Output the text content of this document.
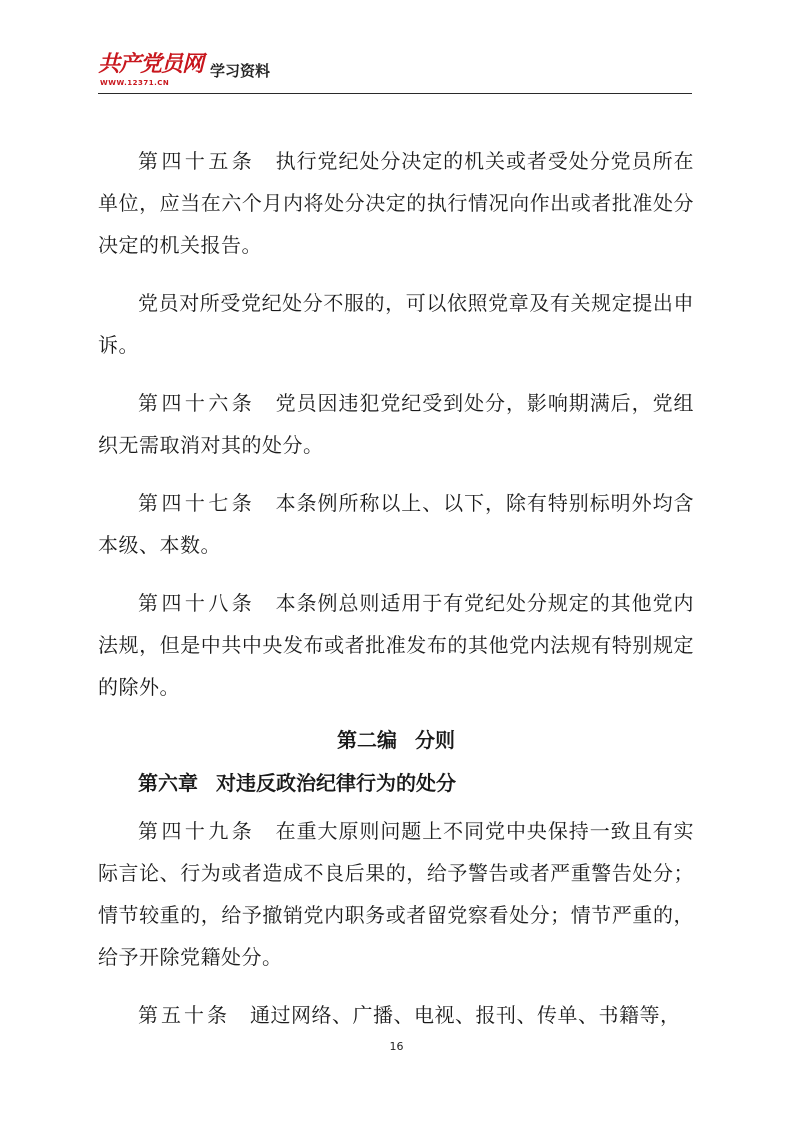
共产党员网
WWW.12371.CN
学习资料

第四十五条 执行党纪处分决定的机关或者受处分党员所在单位，应当在六个月内将处分决定的执行情况向作出或者批准处分决定的机关报告。

党员对所受党纪处分不服的，可以依照党章及有关规定提出申诉。

第四十六条 党员因违犯党纪受到处分，影响期满后，党组织无需取消对其的处分。

第四十七条 本条例所称以上、以下，除有特别标明外均含本级、本数。

第四十八条 本条例总则适用于有党纪处分规定的其他党内法规，但是中共中央发布或者批准发布的其他党内法规有特别规定的除外。

第二编 分则
第六章 对违反政治纪律行为的处分

第四十九条 在重大原则问题上不同党中央保持一致且有实际言论、行为或者造成不良后果的，给予警告或者严重警告处分；情节较重的，给予撤销党内职务或者留党察看处分；情节严重的，给予开除党籍处分。

第五十条 通过网络、广播、电视、报刊、传单、书籍等，

16
